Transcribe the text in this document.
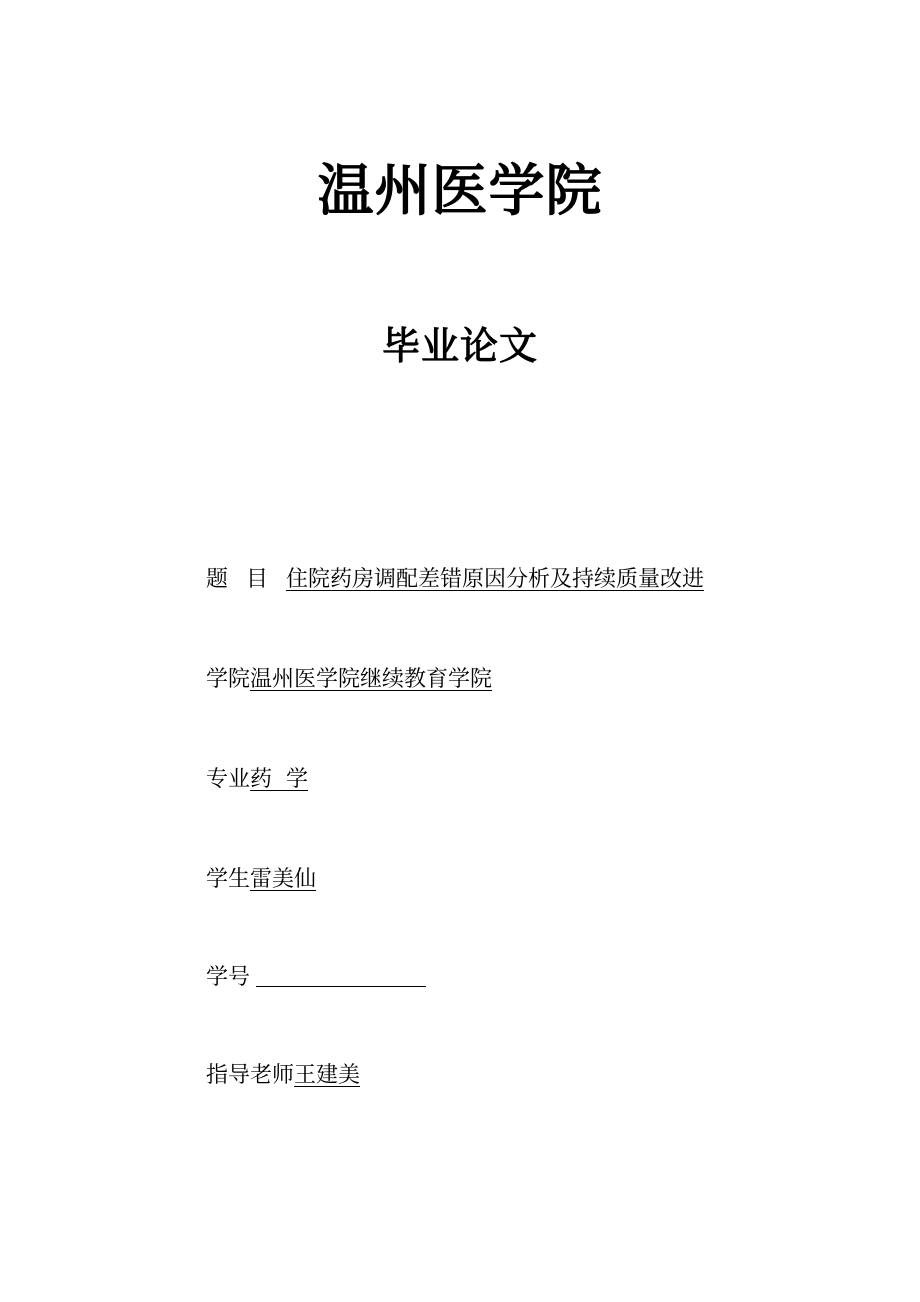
温州医学院
毕业论文
题 目 住院药房调配差错原因分析及持续质量改进
学院温州医学院继续教育学院
专业药  学
学生雷美仙
学号
指导老师王建美
